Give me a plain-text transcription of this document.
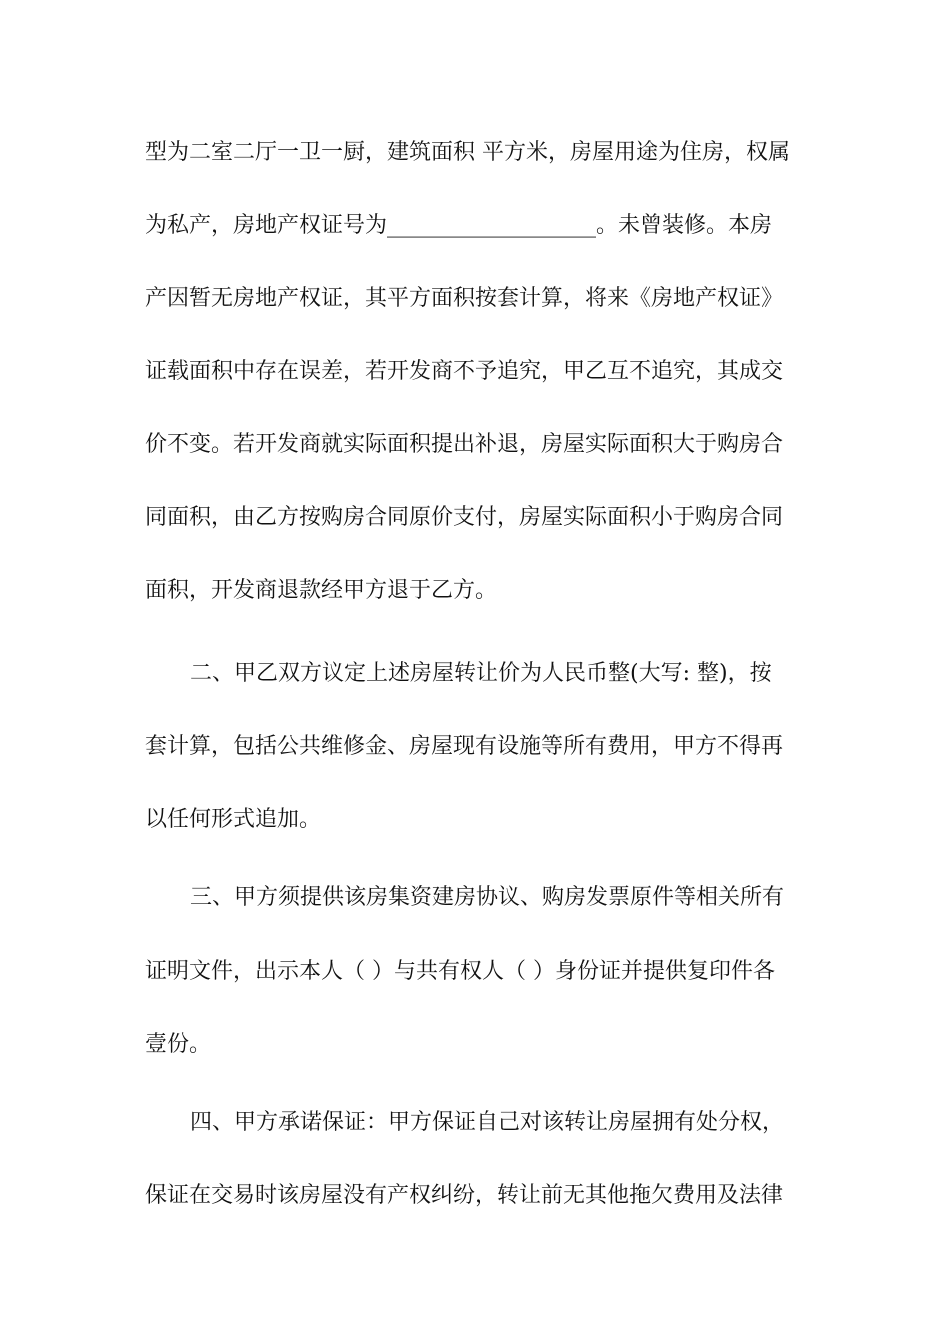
型为二室二厅一卫一厨，建筑面积 平方米，房屋用途为住房，权属
为私产，房地产权证号为___________________。未曾装修。本房
产因暂无房地产权证，其平方面积按套计算，将来《房地产权证》
证载面积中存在误差，若开发商不予追究，甲乙互不追究，其成交
价不变。若开发商就实际面积提出补退，房屋实际面积大于购房合
同面积，由乙方按购房合同原价支付，房屋实际面积小于购房合同
面积，开发商退款经甲方退于乙方。
二、甲乙双方议定上述房屋转让价为人民币整(大写: 整)，按
套计算，包括公共维修金、房屋现有设施等所有费用，甲方不得再
以任何形式追加。
三、甲方须提供该房集资建房协议、购房发票原件等相关所有
证明文件，出示本人（ ）与共有权人（ ）身份证并提供复印件各
壹份。
四、甲方承诺保证：甲方保证自己对该转让房屋拥有处分权，
保证在交易时该房屋没有产权纠纷，转让前无其他拖欠费用及法律
